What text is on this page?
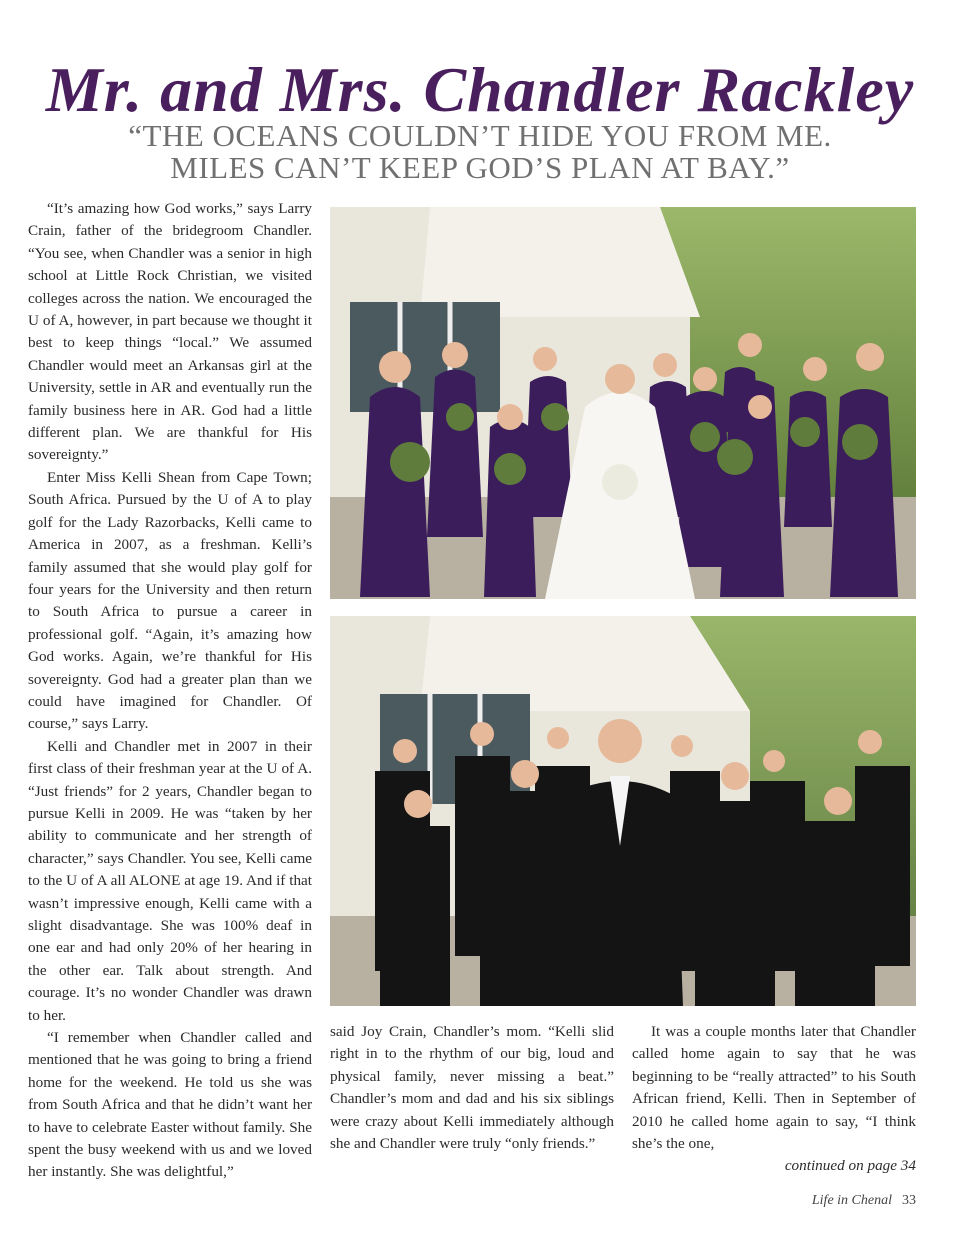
Mr. and Mrs. Chandler Rackley
“THE OCEANS COULDN’T HIDE YOU FROM ME.
MILES CAN’T KEEP GOD’S PLAN AT BAY.”

“It’s amazing how God works,” says Larry Crain, father of the bridegroom Chandler. “You see, when Chandler was a senior in high school at Little Rock Christian, we visited colleges across the nation. We encouraged the U of A, however, in part because we thought it best to keep things “local.” We assumed Chandler would meet an Arkansas girl at the University, settle in AR and eventually run the family business here in AR. God had a little different plan. We are thankful for His sovereignty.”

Enter Miss Kelli Shean from Cape Town; South Africa. Pursued by the U of A to play golf for the Lady Razorbacks, Kelli came to America in 2007, as a freshman. Kelli’s family assumed that she would play golf for four years for the University and then return to South Africa to pursue a career in professional golf. “Again, it’s amazing how God works. Again, we’re thankful for His sovereignty. God had a greater plan than we could have imagined for Chandler. Of course,” says Larry.

Kelli and Chandler met in 2007 in their first class of their freshman year at the U of A. “Just friends” for 2 years, Chandler began to pursue Kelli in 2009. He was “taken by her ability to communicate and her strength of character,” says Chandler. You see, Kelli came to the U of A all ALONE at age 19. And if that wasn’t impressive enough, Kelli came with a slight disadvantage. She was 100% deaf in one ear and had only 20% of her hearing in the other ear. Talk about strength. And courage. It’s no wonder Chandler was drawn to her.

“I remember when Chandler called and mentioned that he was going to bring a friend home for the weekend. He told us she was from South Africa and that he didn’t want her to have to celebrate Easter without family. She spent the busy weekend with us and we loved her instantly. She was delightful,”

said Joy Crain, Chandler’s mom. “Kelli slid right in to the rhythm of our big, loud and physical family, never missing a beat.” Chandler’s mom and dad and his six siblings were crazy about Kelli immediately although she and Chandler were truly “only friends.”

It was a couple months later that Chandler called home again to say that he was beginning to be “really attracted” to his South African friend, Kelli. Then in September of 2010 he called home again to say, “I think she’s the one,

continued on page 34
Life in Chenal 33
